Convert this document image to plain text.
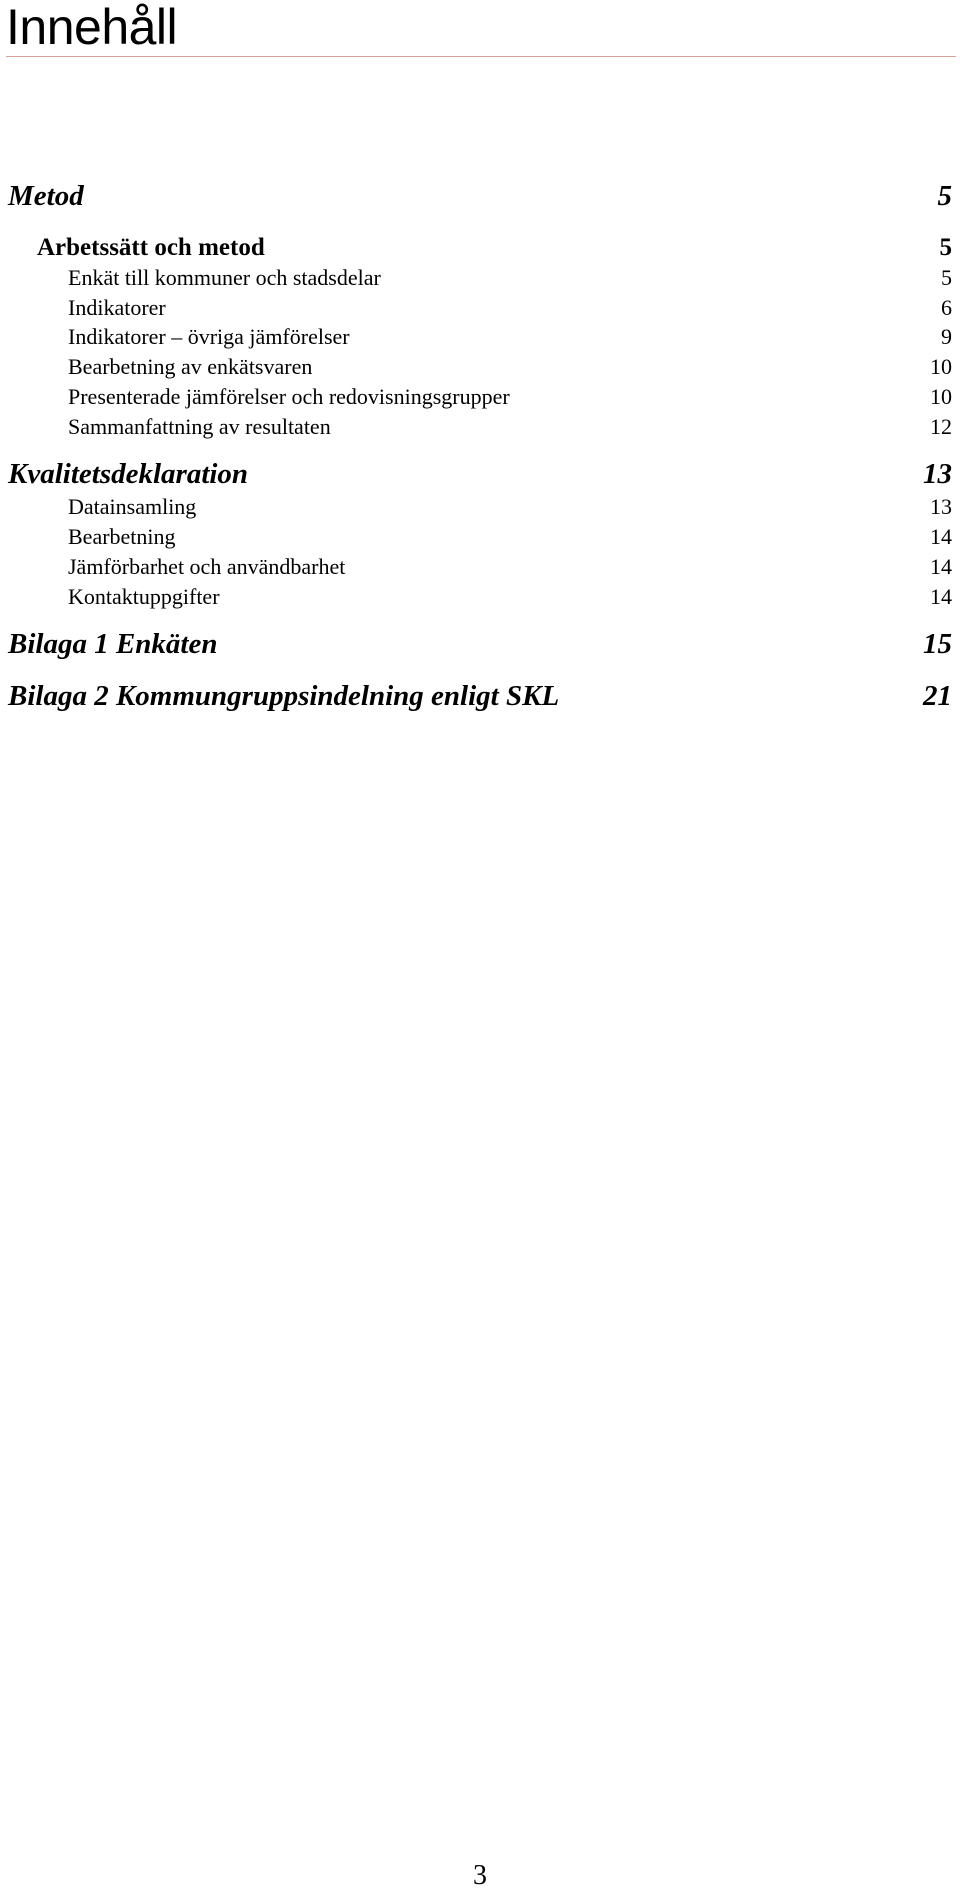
Innehåll
Metod	5
Arbetssätt och metod	5
Enkät till kommuner och stadsdelar	5
Indikatorer	6
Indikatorer – övriga jämförelser	9
Bearbetning av enkätsvaren	10
Presenterade jämförelser och redovisningsgrupper	10
Sammanfattning av resultaten	12
Kvalitetsdeklaration	13
Datainsamling	13
Bearbetning	14
Jämförbarhet och användbarhet	14
Kontaktuppgifter	14
Bilaga 1 Enkäten	15
Bilaga 2 Kommungruppsindelning enligt SKL	21
3
